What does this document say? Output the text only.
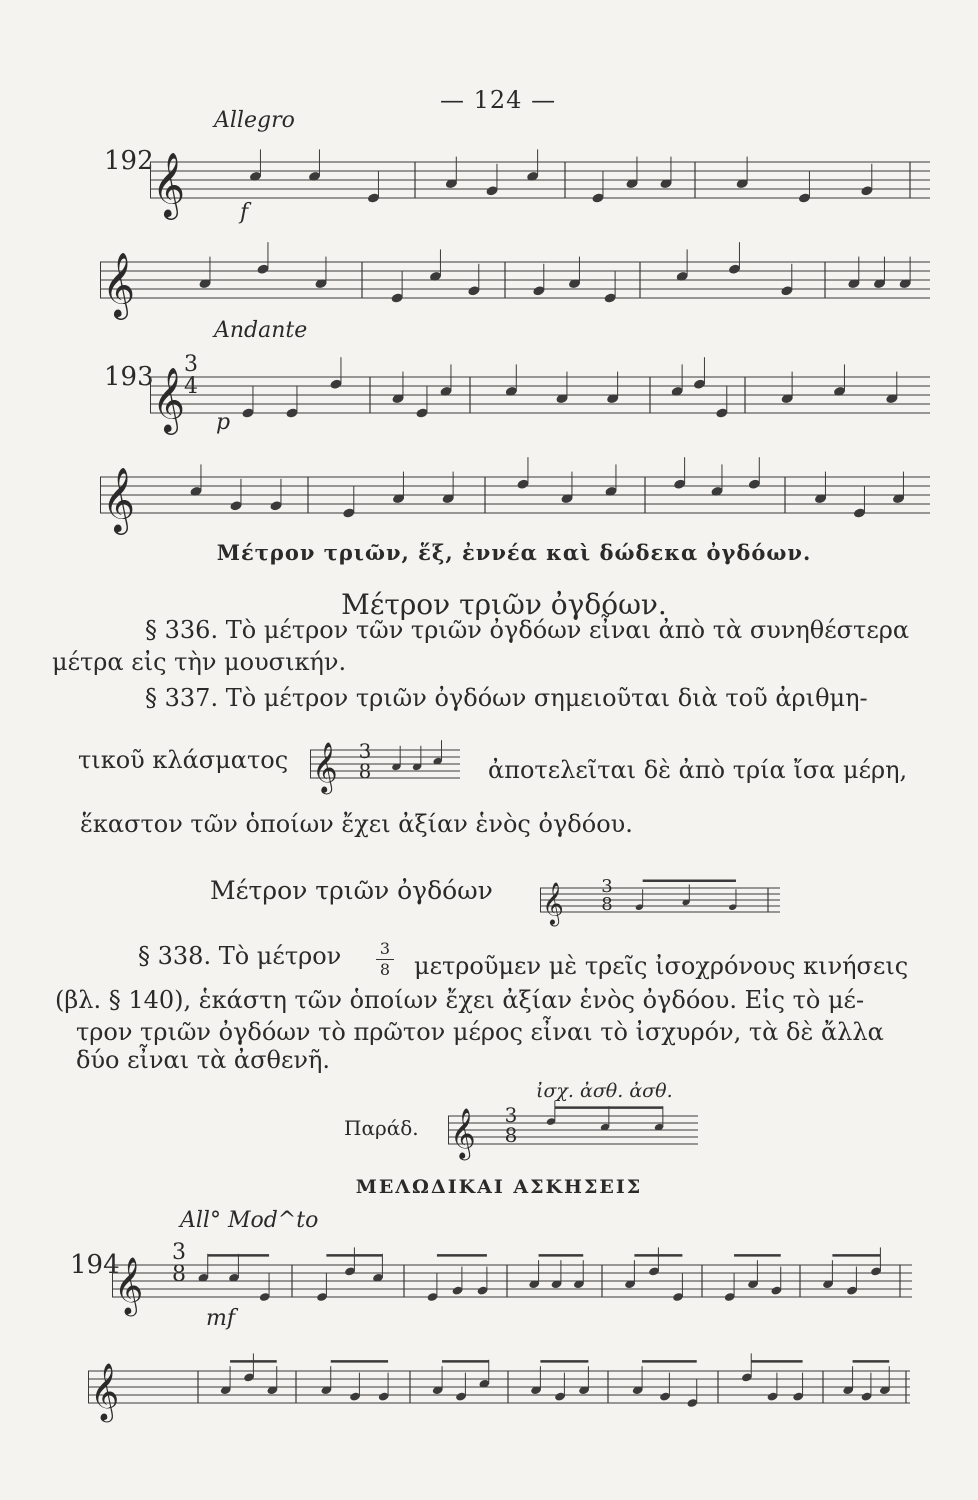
— 124 —
Allegro
192
f
𝄞
𝄞
Andante
193 3
4
p
𝄞
𝄞
Μέτρον τριῶν, ἕξ, ἐννέα καὶ δώδεκα ὀγδόων.
Μέτρον τριῶν ὀγδόων.
§ 336. Τὸ μέτρον τῶν τριῶν ὀγδόων εἶναι ἀπὸ τὰ συνηθέστερα
μέτρα εἰς τὴν μουσικήν.
§ 337. Τὸ μέτρον τριῶν ὀγδόων σημειοῦται διὰ τοῦ ἀριθμη-
τικοῦ κλάσματος 𝄞 3
8	ἀποτελεῖται δὲ ἀπὸ τρία ἴσα μέρη,
ἕκαστον τῶν ὁποίων ἔχει ἀξίαν ἑνὸς ὀγδόου.
Μέτρον τριῶν ὀγδόων 𝄞 3
8
§ 338. Τὸ μέτρον 3
8 μετροῦμεν μὲ τρεῖς ἰσοχρόνους κινήσεις
(βλ. § 140), ἑκάστη τῶν ὁποίων ἔχει ἀξίαν ἑνὸς ὀγδόου. Εἰς τὸ μέ-
τρον τριῶν ὀγδόων τὸ πρῶτον μέρος εἶναι τὸ ἰσχυρόν, τὰ δὲ ἄλλα
δύο εἶναι τὰ ἀσθενῆ.
ἰσχ. ἀσθ. ἀσθ.
Παράδ. 𝄞 3
8
ΜΕΛΩΔΙΚΑΙ ΑΣΚΗΣΕΙΣ
All° Mod^to
194 3
8
mf
𝄞
𝄞
